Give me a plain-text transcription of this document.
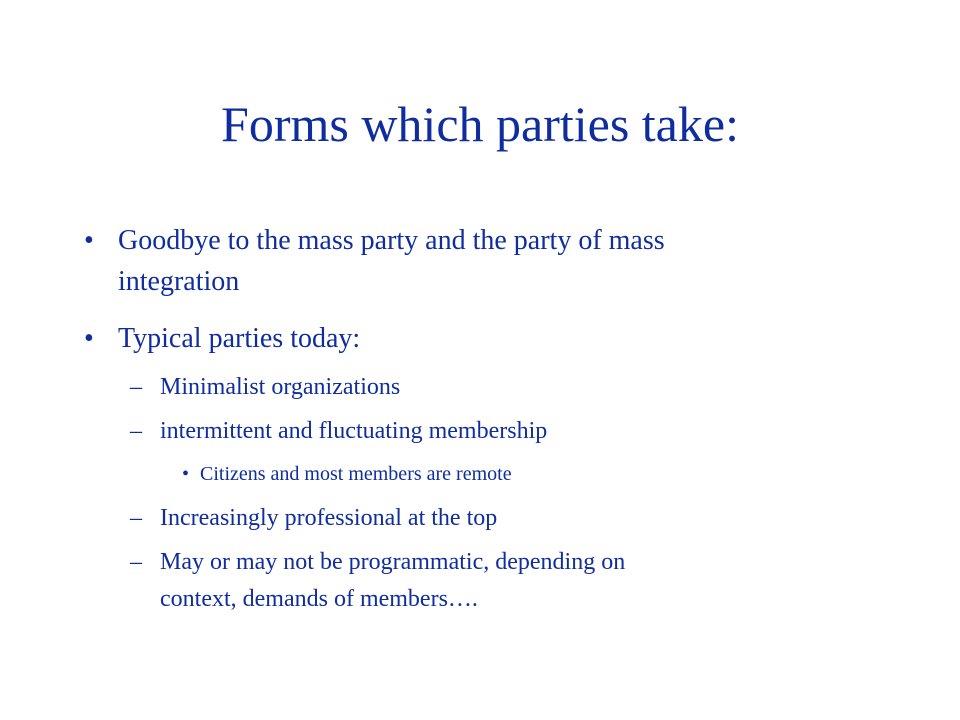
Forms which parties take:
• Goodbye to the mass party and the party of mass
integration
• Typical parties today:
– Minimalist organizations
– intermittent and fluctuating membership
• Citizens and most members are remote
– Increasingly professional at the top
– May or may not be programmatic, depending on
context, demands of members….
